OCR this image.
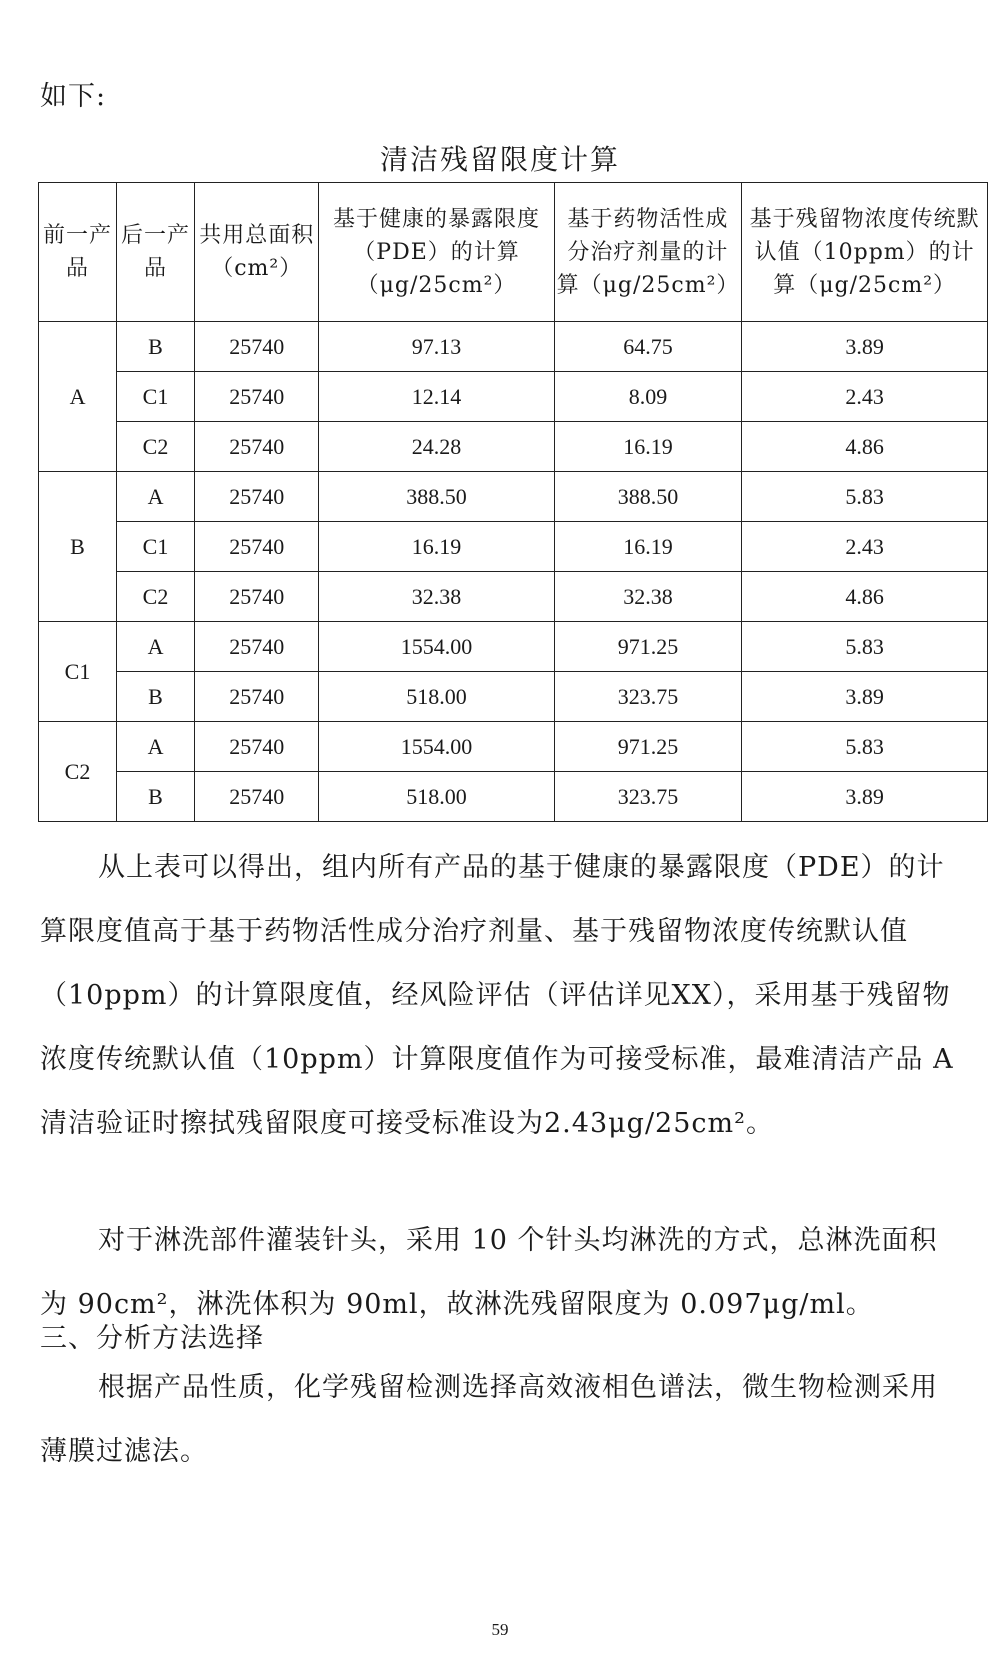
如下:
清洁残留限度计算
前一产品	后一产品	共用总面积（cm²）	基于健康的暴露限度（PDE）的计算（μg/25cm²）	基于药物活性成分治疗剂量的计算（μg/25cm²）	基于残留物浓度传统默认值（10ppm）的计算（μg/25cm²）
A	B	25740	97.13	64.75	3.89
	C1	25740	12.14	8.09	2.43
	C2	25740	24.28	16.19	4.86
B	A	25740	388.50	388.50	5.83
	C1	25740	16.19	16.19	2.43
	C2	25740	32.38	32.38	4.86
C1	A	25740	1554.00	971.25	5.83
	B	25740	518.00	323.75	3.89
C2	A	25740	1554.00	971.25	5.83
	B	25740	518.00	323.75	3.89

从上表可以得出，组内所有产品的基于健康的暴露限度（PDE）的计算限度值高于基于药物活性成分治疗剂量、基于残留物浓度传统默认值（10ppm）的计算限度值，经风险评估（评估详见XX），采用基于残留物浓度传统默认值（10ppm）计算限度值作为可接受标准，最难清洁产品 A 清洁验证时擦拭残留限度可接受标准设为2.43μg/25cm²。

对于淋洗部件灌装针头，采用 10 个针头均淋洗的方式，总淋洗面积为 90cm²，淋洗体积为 90ml，故淋洗残留限度为 0.097μg/ml。

三、分析方法选择

根据产品性质，化学残留检测选择高效液相色谱法，微生物检测采用薄膜过滤法。

59
